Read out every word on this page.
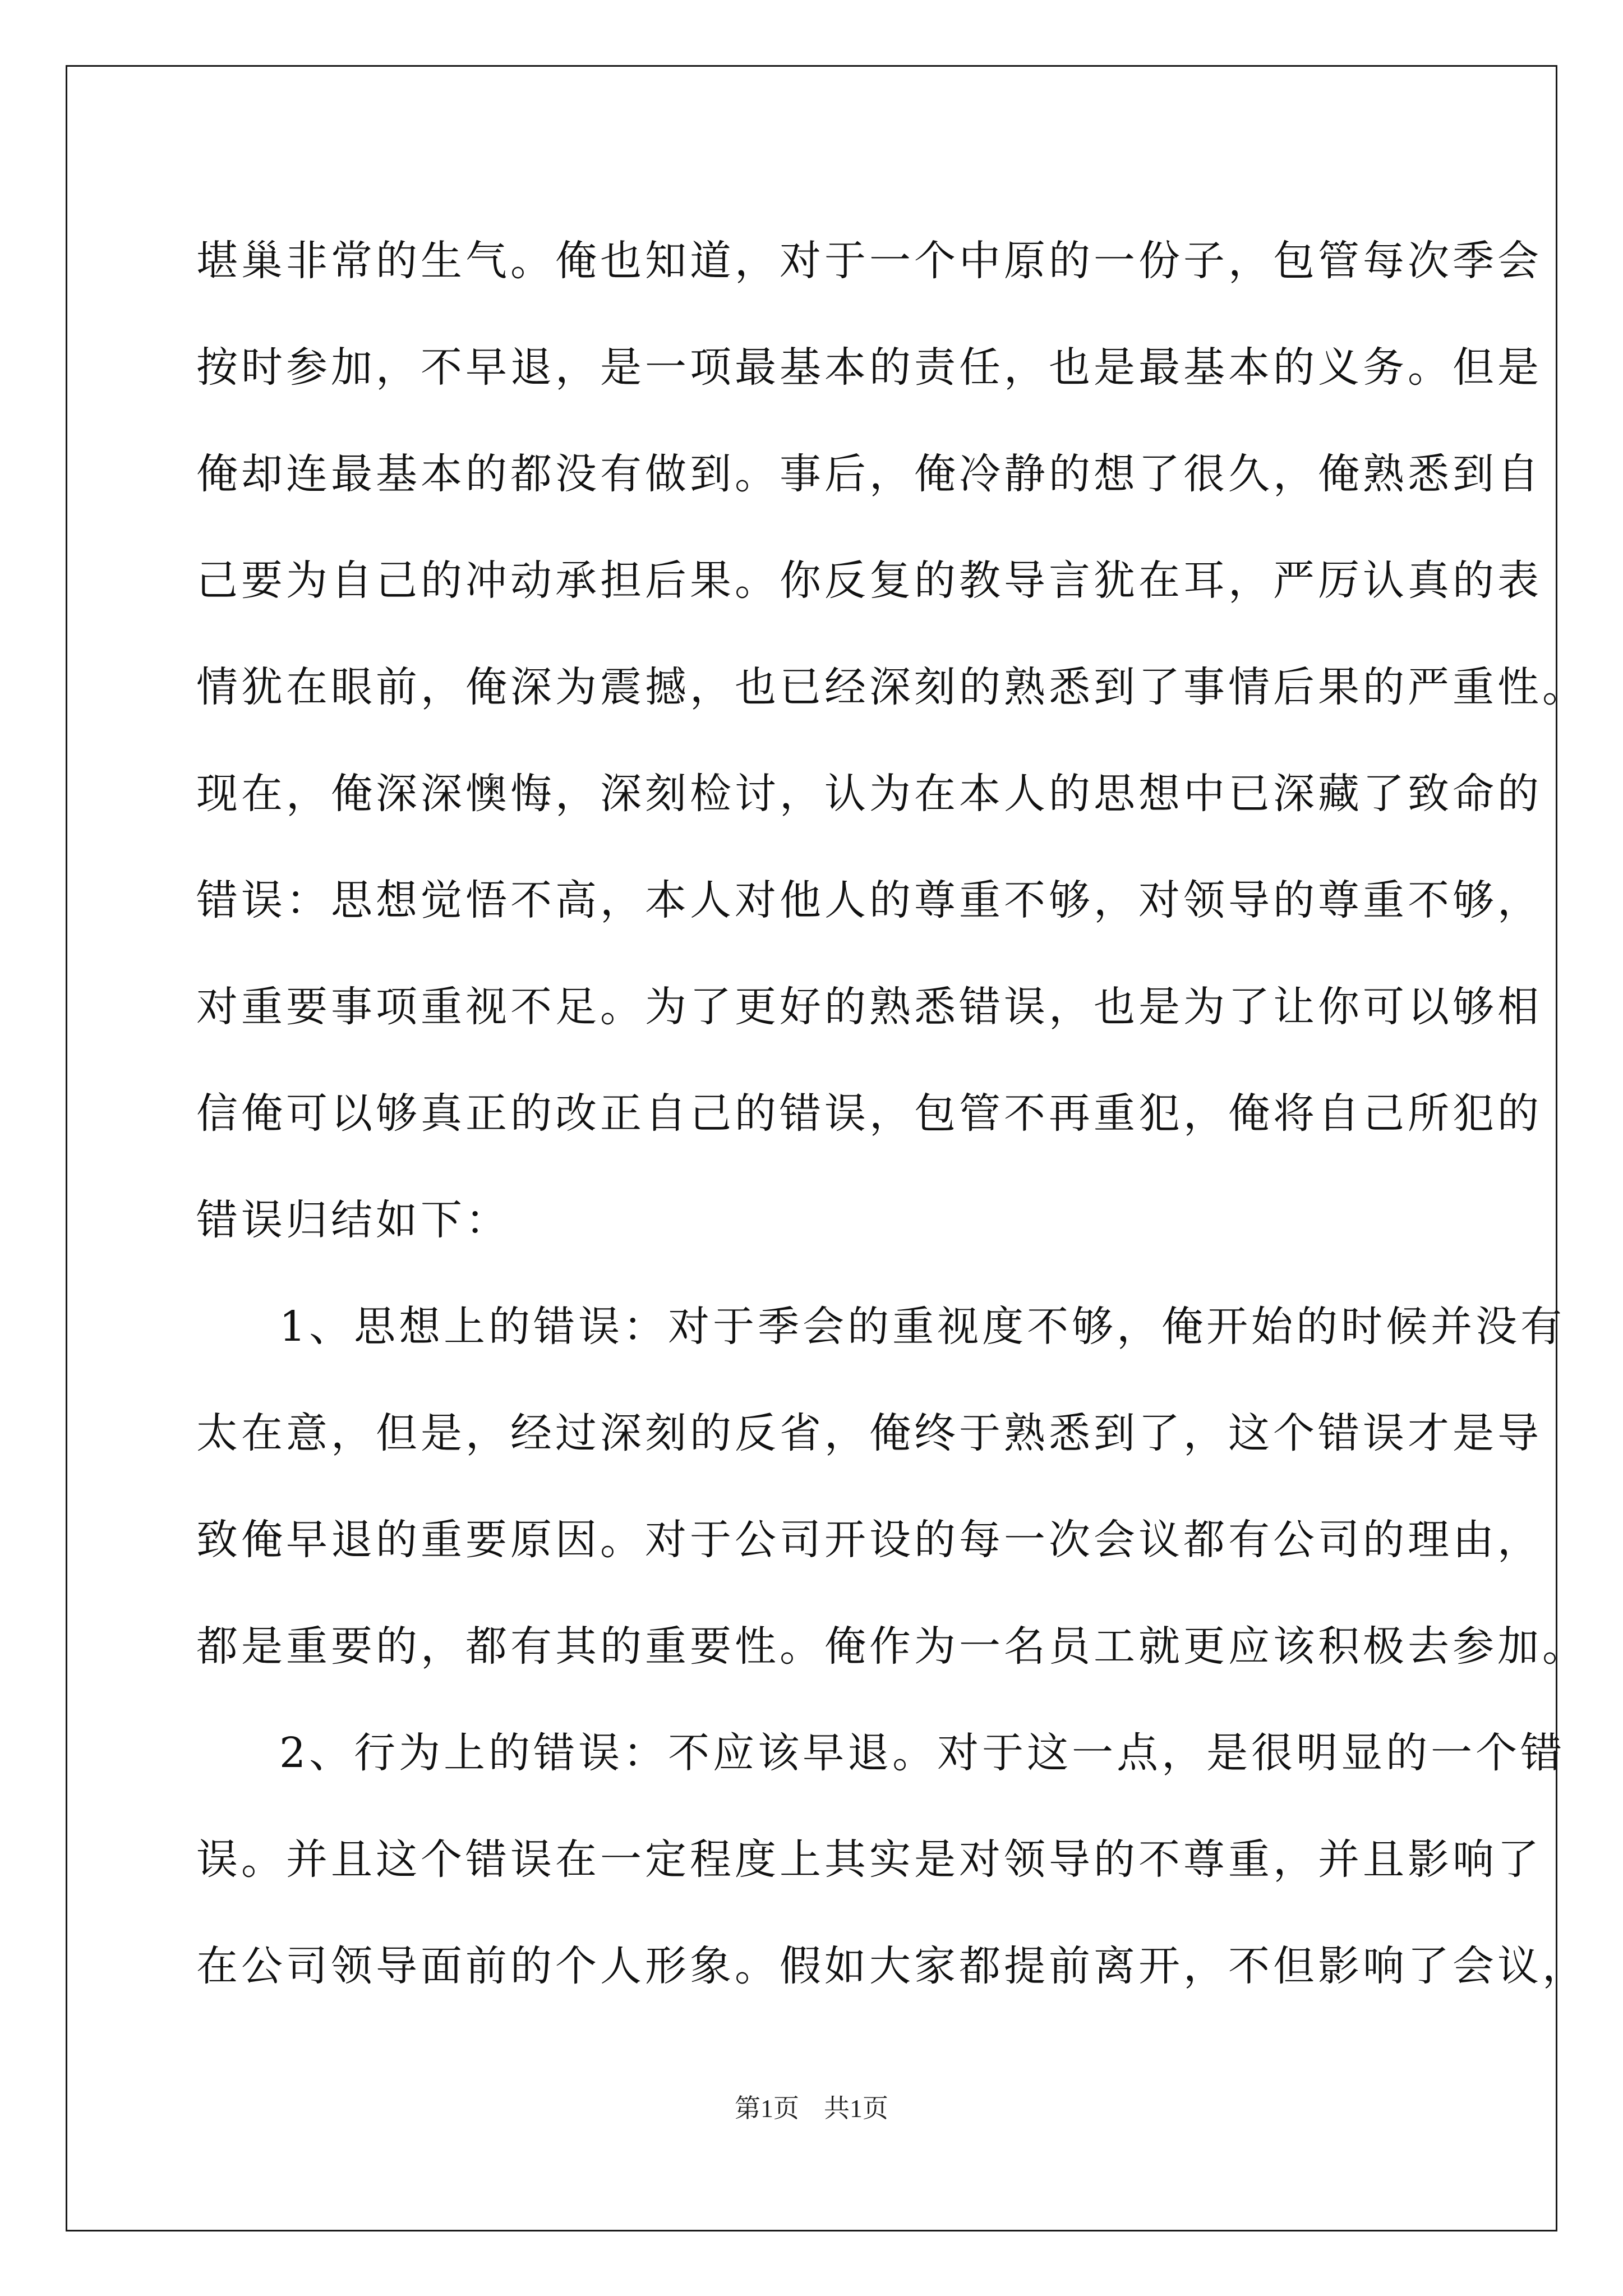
堪巢非常的生气。俺也知道，对于一个中原的一份子，包管每次季会
按时参加，不早退，是一项最基本的责任，也是最基本的义务。但是
俺却连最基本的都没有做到。事后，俺冷静的想了很久，俺熟悉到自
己要为自己的冲动承担后果。你反复的教导言犹在耳，严厉认真的表
情犹在眼前，俺深为震撼，也已经深刻的熟悉到了事情后果的严重性。
现在，俺深深懊悔，深刻检讨，认为在本人的思想中已深藏了致命的
错误：思想觉悟不高，本人对他人的尊重不够，对领导的尊重不够，
对重要事项重视不足。为了更好的熟悉错误，也是为了让你可以够相
信俺可以够真正的改正自己的错误，包管不再重犯，俺将自己所犯的
错误归结如下：
1、思想上的错误：对于季会的重视度不够，俺开始的时候并没有
太在意，但是，经过深刻的反省，俺终于熟悉到了，这个错误才是导
致俺早退的重要原因。对于公司开设的每一次会议都有公司的理由，
都是重要的，都有其的重要性。俺作为一名员工就更应该积极去参加。
2、行为上的错误：不应该早退。对于这一点，是很明显的一个错
误。并且这个错误在一定程度上其实是对领导的不尊重，并且影响了
在公司领导面前的个人形象。假如大家都提前离开，不但影响了会议，
第1页 共1页
